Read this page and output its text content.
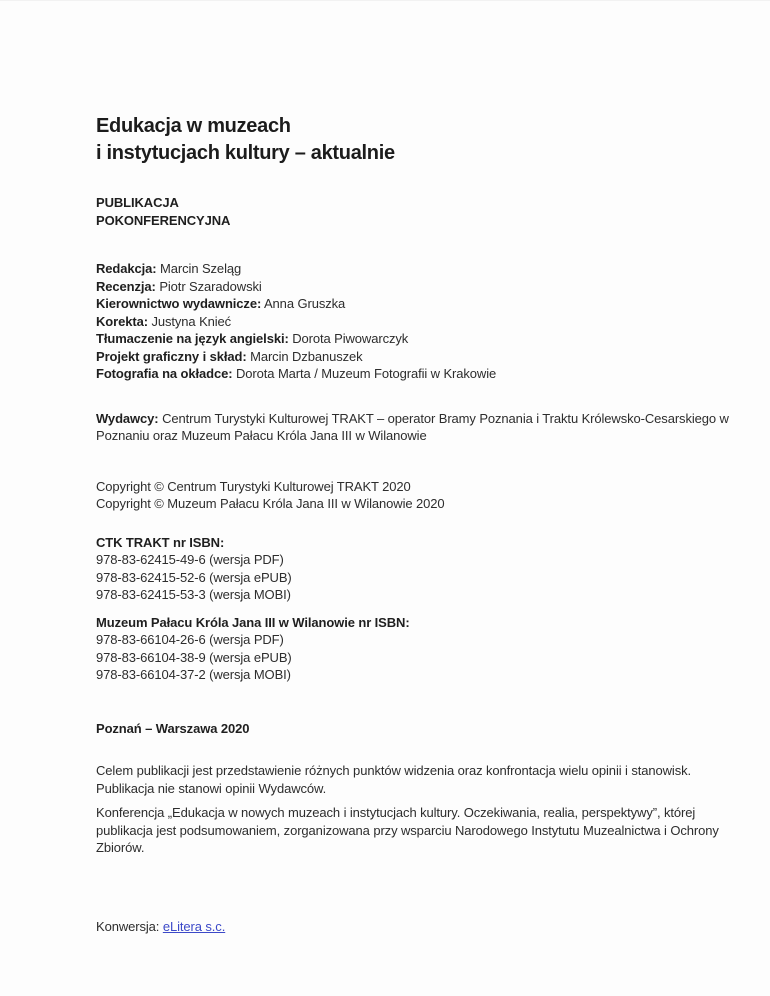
Edukacja w muzeach
i instytucjach kultury – aktualnie
PUBLIKACJA
POKONFERENCYJNA
Redakcja: Marcin Szeląg
Recenzja: Piotr Szaradowski
Kierownictwo wydawnicze: Anna Gruszka
Korekta: Justyna Knieć
Tłumaczenie na język angielski: Dorota Piwowarczyk
Projekt graficzny i skład: Marcin Dzbanuszek
Fotografia na okładce: Dorota Marta / Muzeum Fotografii w Krakowie
Wydawcy: Centrum Turystyki Kulturowej TRAKT – operator Bramy Poznania i Traktu Królewsko-Cesarskiego w Poznaniu oraz Muzeum Pałacu Króla Jana III w Wilanowie
Copyright © Centrum Turystyki Kulturowej TRAKT 2020
Copyright © Muzeum Pałacu Króla Jana III w Wilanowie 2020
CTK TRAKT nr ISBN:
978-83-62415-49-6 (wersja PDF)
978-83-62415-52-6 (wersja ePUB)
978-83-62415-53-3 (wersja MOBI)
Muzeum Pałacu Króla Jana III w Wilanowie nr ISBN:
978-83-66104-26-6 (wersja PDF)
978-83-66104-38-9 (wersja ePUB)
978-83-66104-37-2 (wersja MOBI)
Poznań – Warszawa 2020
Celem publikacji jest przedstawienie różnych punktów widzenia oraz konfrontacja wielu opinii i stanowisk. Publikacja nie stanowi opinii Wydawców.
Konferencja „Edukacja w nowych muzeach i instytucjach kultury. Oczekiwania, realia, perspektywy”, której publikacja jest podsumowaniem, zorganizowana przy wsparciu Narodowego Instytutu Muzealnictwa i Ochrony Zbiorów.
Konwersja: eLitera s.c.
